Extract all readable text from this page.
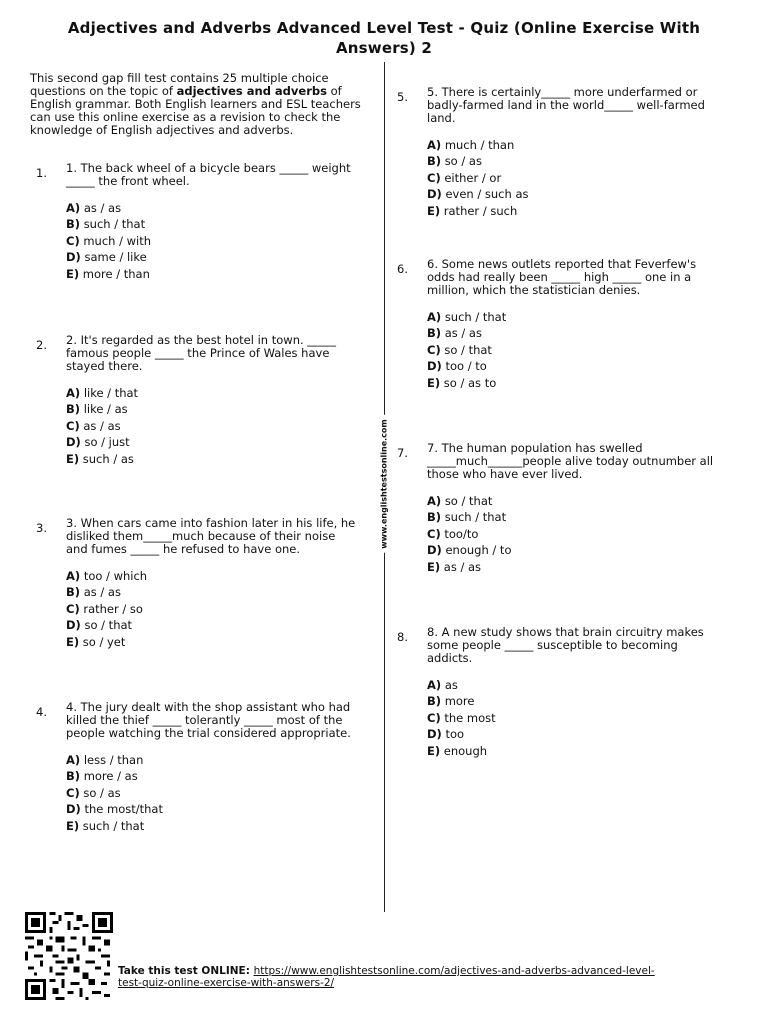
Adjectives and Adverbs Advanced Level Test - Quiz (Online Exercise With Answers) 2
www.englishtestsonline.com
This second gap fill test contains 25 multiple choice questions on the topic of adjectives and adverbs of English grammar. Both English learners and ESL teachers can use this online exercise as a revision to check the knowledge of English adjectives and adverbs.
1. 1. The back wheel of a bicycle bears _____ weight _____ the front wheel.
A) as / as
B) such / that
C) much / with
D) same / like
E) more / than
2. 2. It's regarded as the best hotel in town. _____ famous people _____ the Prince of Wales have stayed there.
A) like / that
B) like / as
C) as / as
D) so / just
E) such / as
3. 3. When cars came into fashion later in his life, he disliked them_____much because of their noise and fumes _____ he refused to have one.
A) too / which
B) as / as
C) rather / so
D) so / that
E) so / yet
4. 4. The jury dealt with the shop assistant who had killed the thief _____ tolerantly _____ most of the people watching the trial considered appropriate.
A) less / than
B) more / as
C) so / as
D) the most/that
E) such / that
5. 5. There is certainly_____ more underfarmed or badly-farmed land in the world_____ well-farmed land.
A) much / than
B) so / as
C) either / or
D) even / such as
E) rather / such
6. 6. Some news outlets reported that Feverfew's odds had really been _____ high _____ one in a million, which the statistician denies.
A) such / that
B) as / as
C) so / that
D) too / to
E) so / as to
7. 7. The human population has swelled _____much______people alive today outnumber all those who have ever lived.
A) so / that
B) such / that
C) too/to
D) enough / to
E) as / as
8. 8. A new study shows that brain circuitry makes some people _____ susceptible to becoming addicts.
A) as
B) more
C) the most
D) too
E) enough
Take this test ONLINE: https://www.englishtestsonline.com/adjectives-and-adverbs-advanced-level-test-quiz-online-exercise-with-answers-2/
